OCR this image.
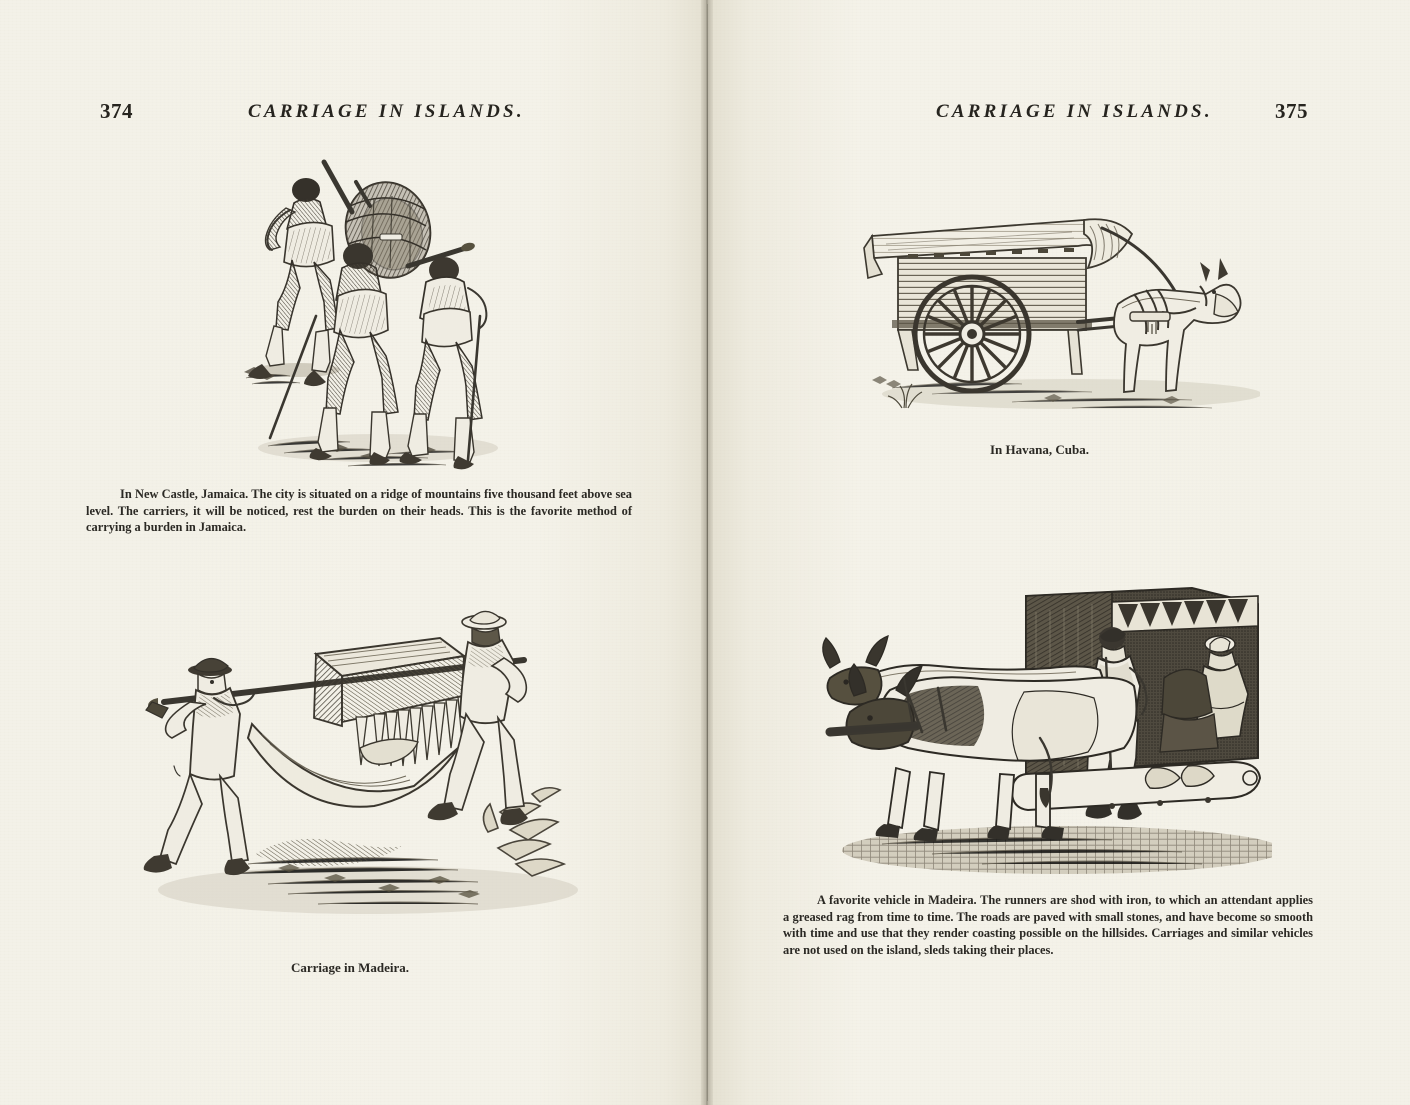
374	CARRIAGE IN ISLANDS.	CARRIAGE IN ISLANDS.	375

In New Castle, Jamaica. The city is situated on a ridge of mountains five thousand feet above sea level. The carriers, it will be noticed, rest the burden on their heads. This is the favorite method of carrying a burden in Jamaica.

In Havana, Cuba.
Carriage in Madeira.

A favorite vehicle in Madeira. The runners are shod with iron, to which an attendant applies a greased rag from time to time. The roads are paved with small stones, and have become so smooth with time and use that they render coasting possible on the hillsides. Carriages and similar vehicles are not used on the island, sleds taking their places.
